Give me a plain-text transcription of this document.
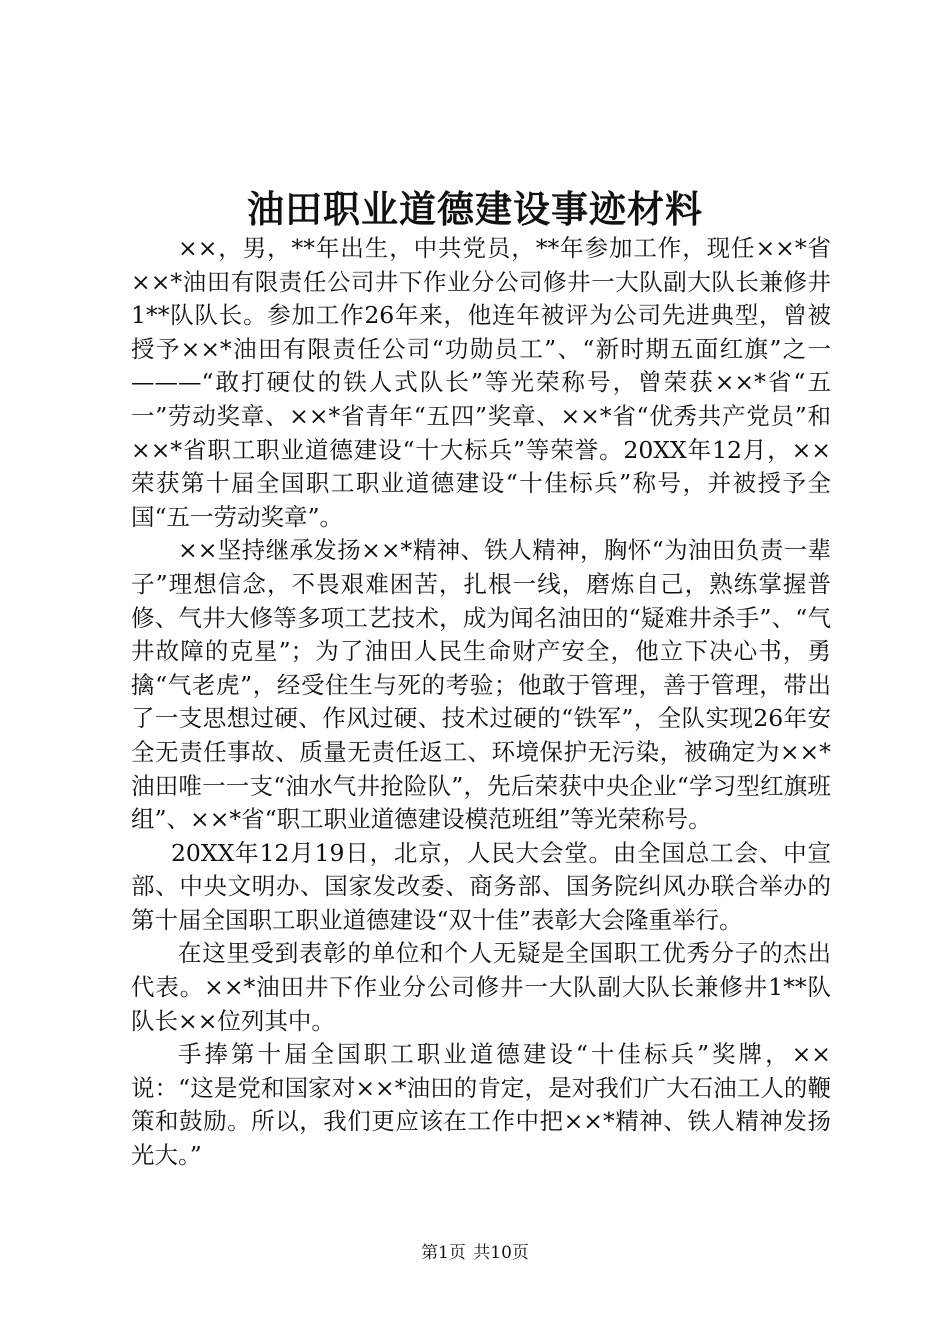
油田职业道德建设事迹材料

××，男，**年出生，中共党员，**年参加工作，现任××*省××*油田有限责任公司井下作业分公司修井一大队副大队长兼修井1**队队长。参加工作26年来，他连年被评为公司先进典型，曾被授予××*油田有限责任公司“功勋员工”、“新时期五面红旗”之一———“敢打硬仗的铁人式队长”等光荣称号，曾荣获××*省“五一”劳动奖章、××*省青年“五四”奖章、××*省“优秀共产党员”和××*省职工职业道德建设“十大标兵”等荣誉。20XX年12月，××荣获第十届全国职工职业道德建设“十佳标兵”称号，并被授予全国“五一劳动奖章”。

××坚持继承发扬××*精神、铁人精神，胸怀“为油田负责一辈子”理想信念，不畏艰难困苦，扎根一线，磨炼自己，熟练掌握普修、气井大修等多项工艺技术，成为闻名油田的“疑难井杀手”、“气井故障的克星”；为了油田人民生命财产安全，他立下决心书，勇擒“气老虎”，经受住生与死的考验；他敢于管理，善于管理，带出了一支思想过硬、作风过硬、技术过硬的“铁军”，全队实现26年安全无责任事故、质量无责任返工、环境保护无污染，被确定为××*油田唯一一支“油水气井抢险队”，先后荣获中央企业“学习型红旗班组”、××*省“职工职业道德建设模范班组”等光荣称号。

20XX年12月19日，北京，人民大会堂。由全国总工会、中宣部、中央文明办、国家发改委、商务部、国务院纠风办联合举办的第十届全国职工职业道德建设“双十佳”表彰大会隆重举行。

在这里受到表彰的单位和个人无疑是全国职工优秀分子的杰出代表。××*油田井下作业分公司修井一大队副大队长兼修井1**队队长××位列其中。

手捧第十届全国职工职业道德建设“十佳标兵”奖牌，××说：“这是党和国家对××*油田的肯定，是对我们广大石油工人的鞭策和鼓励。所以，我们更应该在工作中把××*精神、铁人精神发扬光大。”

第1页 共10页
